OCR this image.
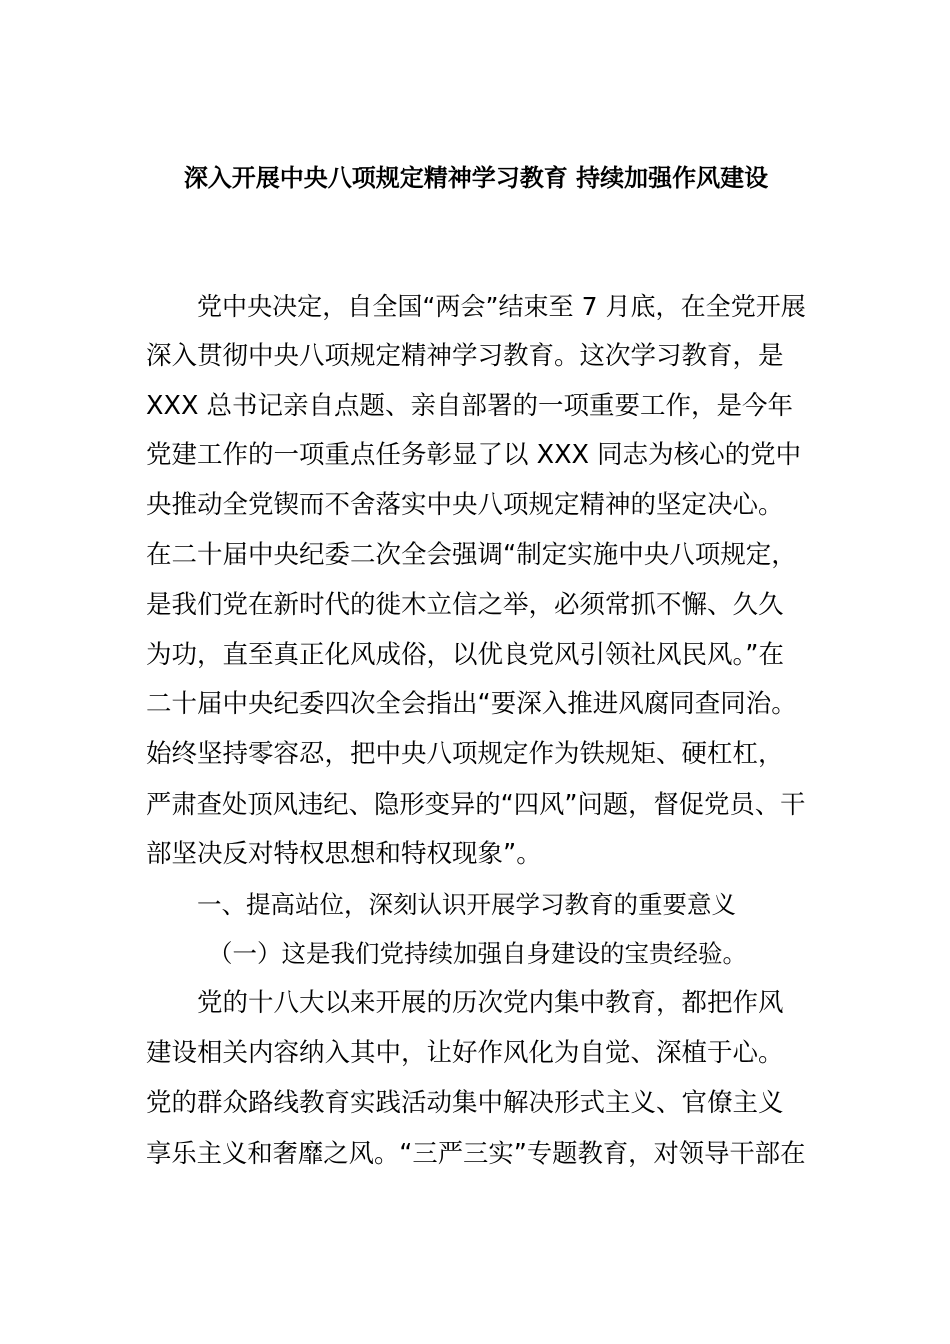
深入开展中央八项规定精神学习教育 持续加强作风建设

党中央决定，自全国“两会”结束至 7 月底，在全党开展

深入贯彻中央八项规定精神学习教育。这次学习教育，是

XXX 总书记亲自点题、亲自部署的一项重要工作，是今年

党建工作的一项重点任务彰显了以 XXX 同志为核心的党中

央推动全党锲而不舍落实中央八项规定精神的坚定决心。

在二十届中央纪委二次全会强调“制定实施中央八项规定，

是我们党在新时代的徙木立信之举，必须常抓不懈、久久

为功，直至真正化风成俗，以优良党风引领社风民风。”在

二十届中央纪委四次全会指出“要深入推进风腐同查同治。

始终坚持零容忍，把中央八项规定作为铁规矩、硬杠杠，

严肃查处顶风违纪、隐形变异的“四风”问题，督促党员、干

部坚决反对特权思想和特权现象”。

一、提高站位，深刻认识开展学习教育的重要意义

（一）这是我们党持续加强自身建设的宝贵经验。

党的十八大以来开展的历次党内集中教育，都把作风

建设相关内容纳入其中，让好作风化为自觉、深植于心。

党的群众路线教育实践活动集中解决形式主义、官僚主义

享乐主义和奢靡之风。“三严三实”专题教育，对领导干部在
